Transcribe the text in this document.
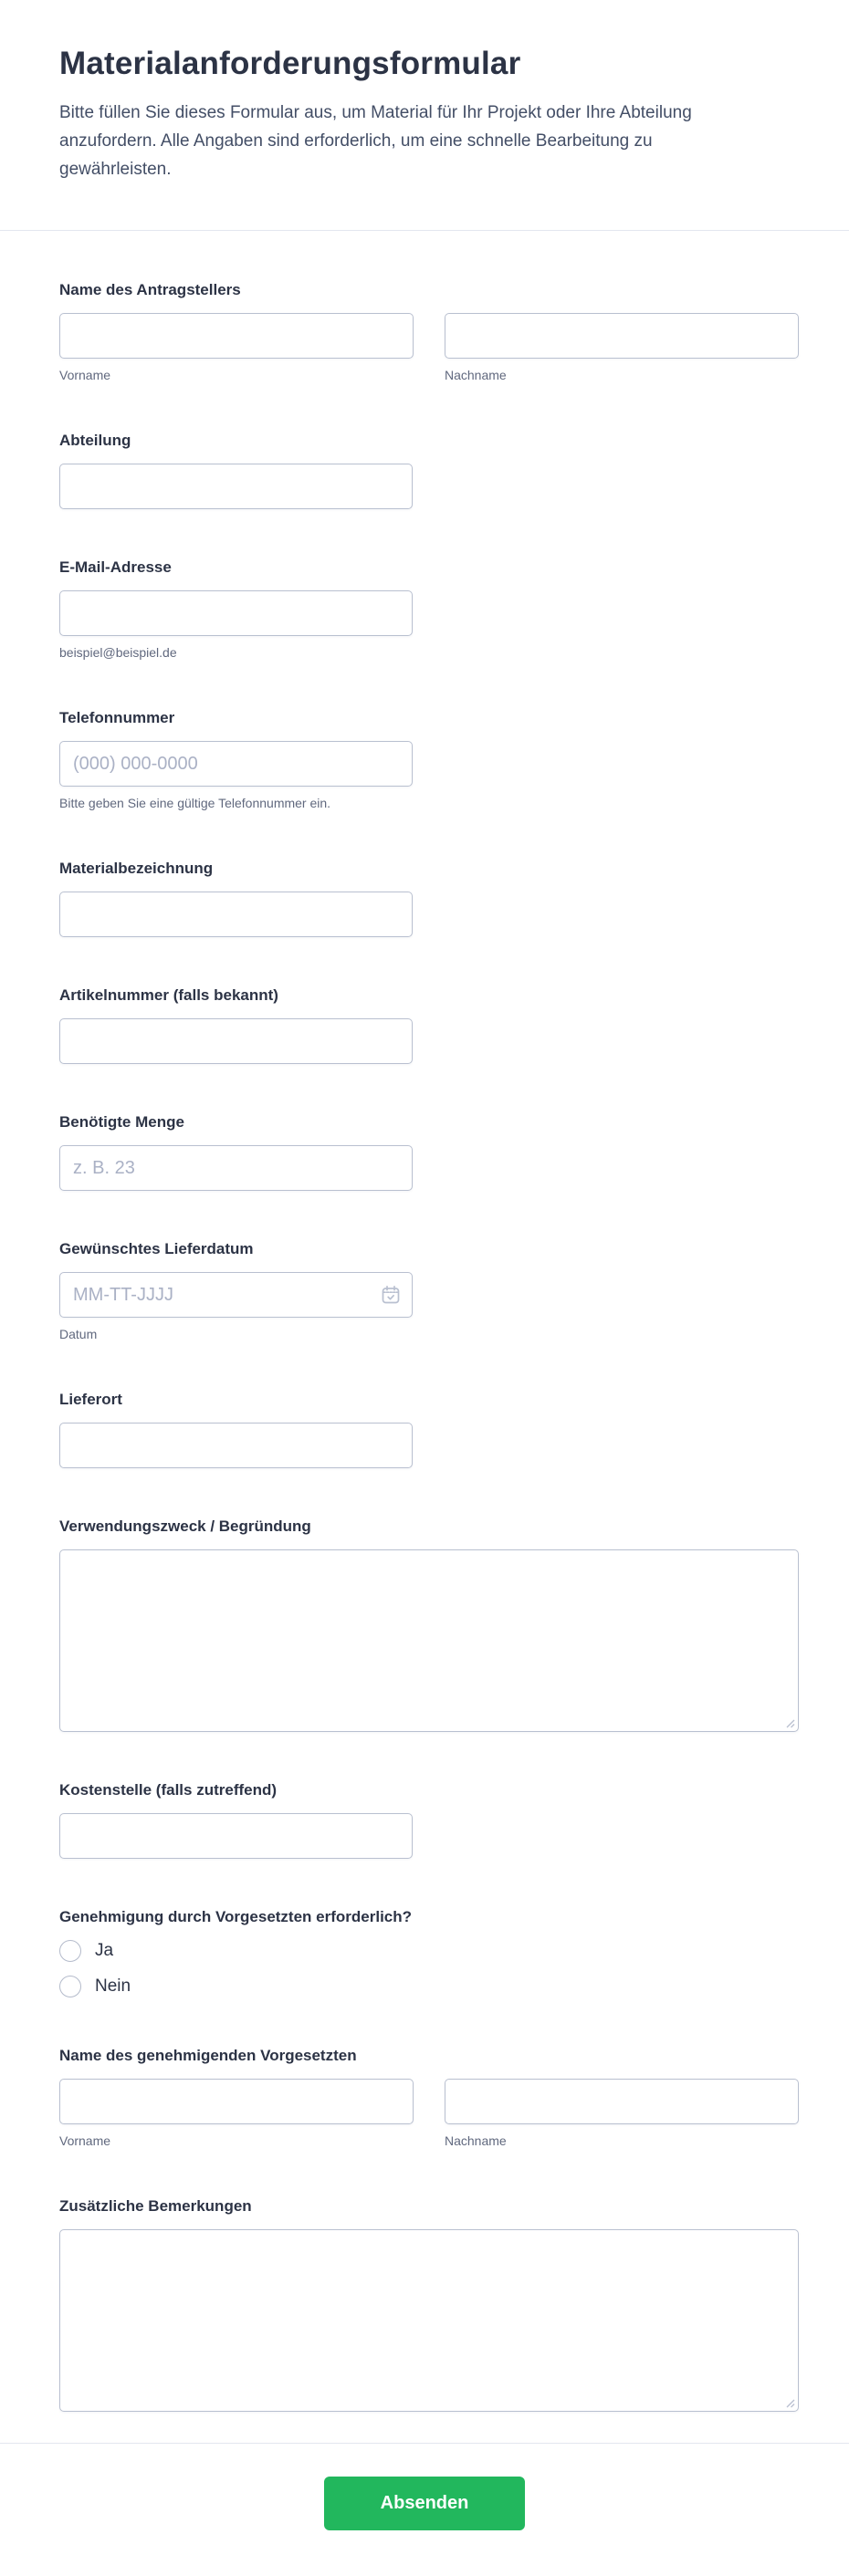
Materialanforderungsformular

Bitte füllen Sie dieses Formular aus, um Material für Ihr Projekt oder Ihre Abteilung
anzufordern. Alle Angaben sind erforderlich, um eine schnelle Bearbeitung zu
gewährleisten.

Name des Antragstellers
Vorname	Nachname
Abteilung
E-Mail-Adresse
beispiel@beispiel.de
Telefonnummer
(000) 000-0000
Bitte geben Sie eine gültige Telefonnummer ein.
Materialbezeichnung
Artikelnummer (falls bekannt)
Benötigte Menge
z. B. 23
Gewünschtes Lieferdatum
MM-TT-JJJJ
Datum
Lieferort
Verwendungszweck / Begründung
Kostenstelle (falls zutreffend)
Genehmigung durch Vorgesetzten erforderlich?
Ja
Nein
Name des genehmigenden Vorgesetzten
Vorname	Nachname
Zusätzliche Bemerkungen
Absenden
